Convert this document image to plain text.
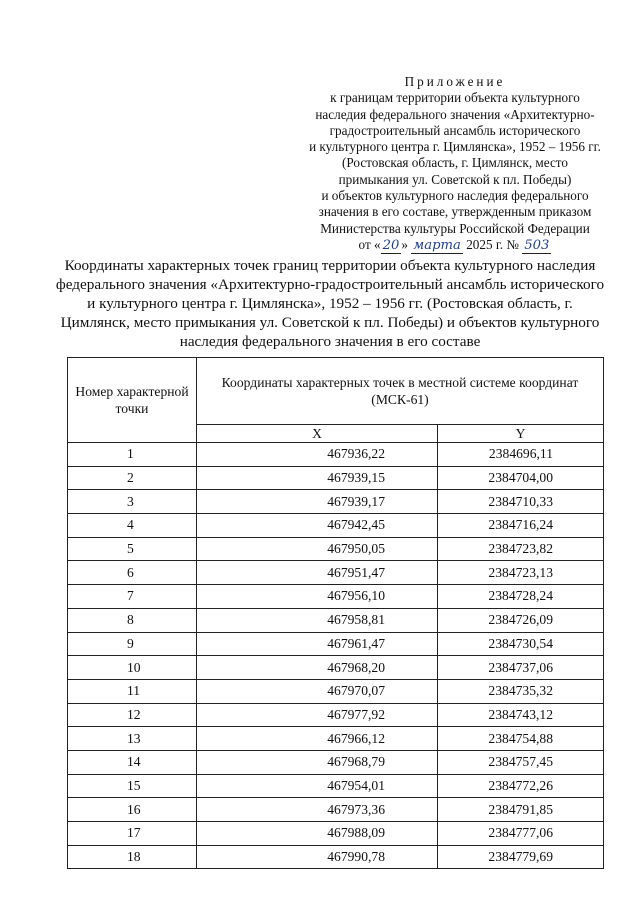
Приложение
к границам территории объекта культурного
наследия федерального значения «Архитектурно-
градостроительный ансамбль исторического
и культурного центра г. Цимлянска», 1952 – 1956 гг.
(Ростовская область, г. Цимлянск, место
примыкания ул. Советской к пл. Победы)
и объектов культурного наследия федерального
значения в его составе, утвержденным приказом
Министерства культуры Российской Федерации
от « 20 » марта 2025 г. № 503
Координаты характерных точек границ территории объекта культурного наследия федерального значения «Архитектурно-градостроительный ансамбль исторического и культурного центра г. Цимлянска», 1952 – 1956 гг. (Ростовская область, г. Цимлянск, место примыкания ул. Советской к пл. Победы) и объектов культурного наследия федерального значения в его составе
Номер характерной точки	Координаты характерных точек в местной системе координат (МСК-61)	
	X	Y
1	467936,22	2384696,11
2	467939,15	2384704,00
3	467939,17	2384710,33
4	467942,45	2384716,24
5	467950,05	2384723,82
6	467951,47	2384723,13
7	467956,10	2384728,24
8	467958,81	2384726,09
9	467961,47	2384730,54
10	467968,20	2384737,06
11	467970,07	2384735,32
12	467977,92	2384743,12
13	467966,12	2384754,88
14	467968,79	2384757,45
15	467954,01	2384772,26
16	467973,36	2384791,85
17	467988,09	2384777,06
18	467990,78	2384779,69
